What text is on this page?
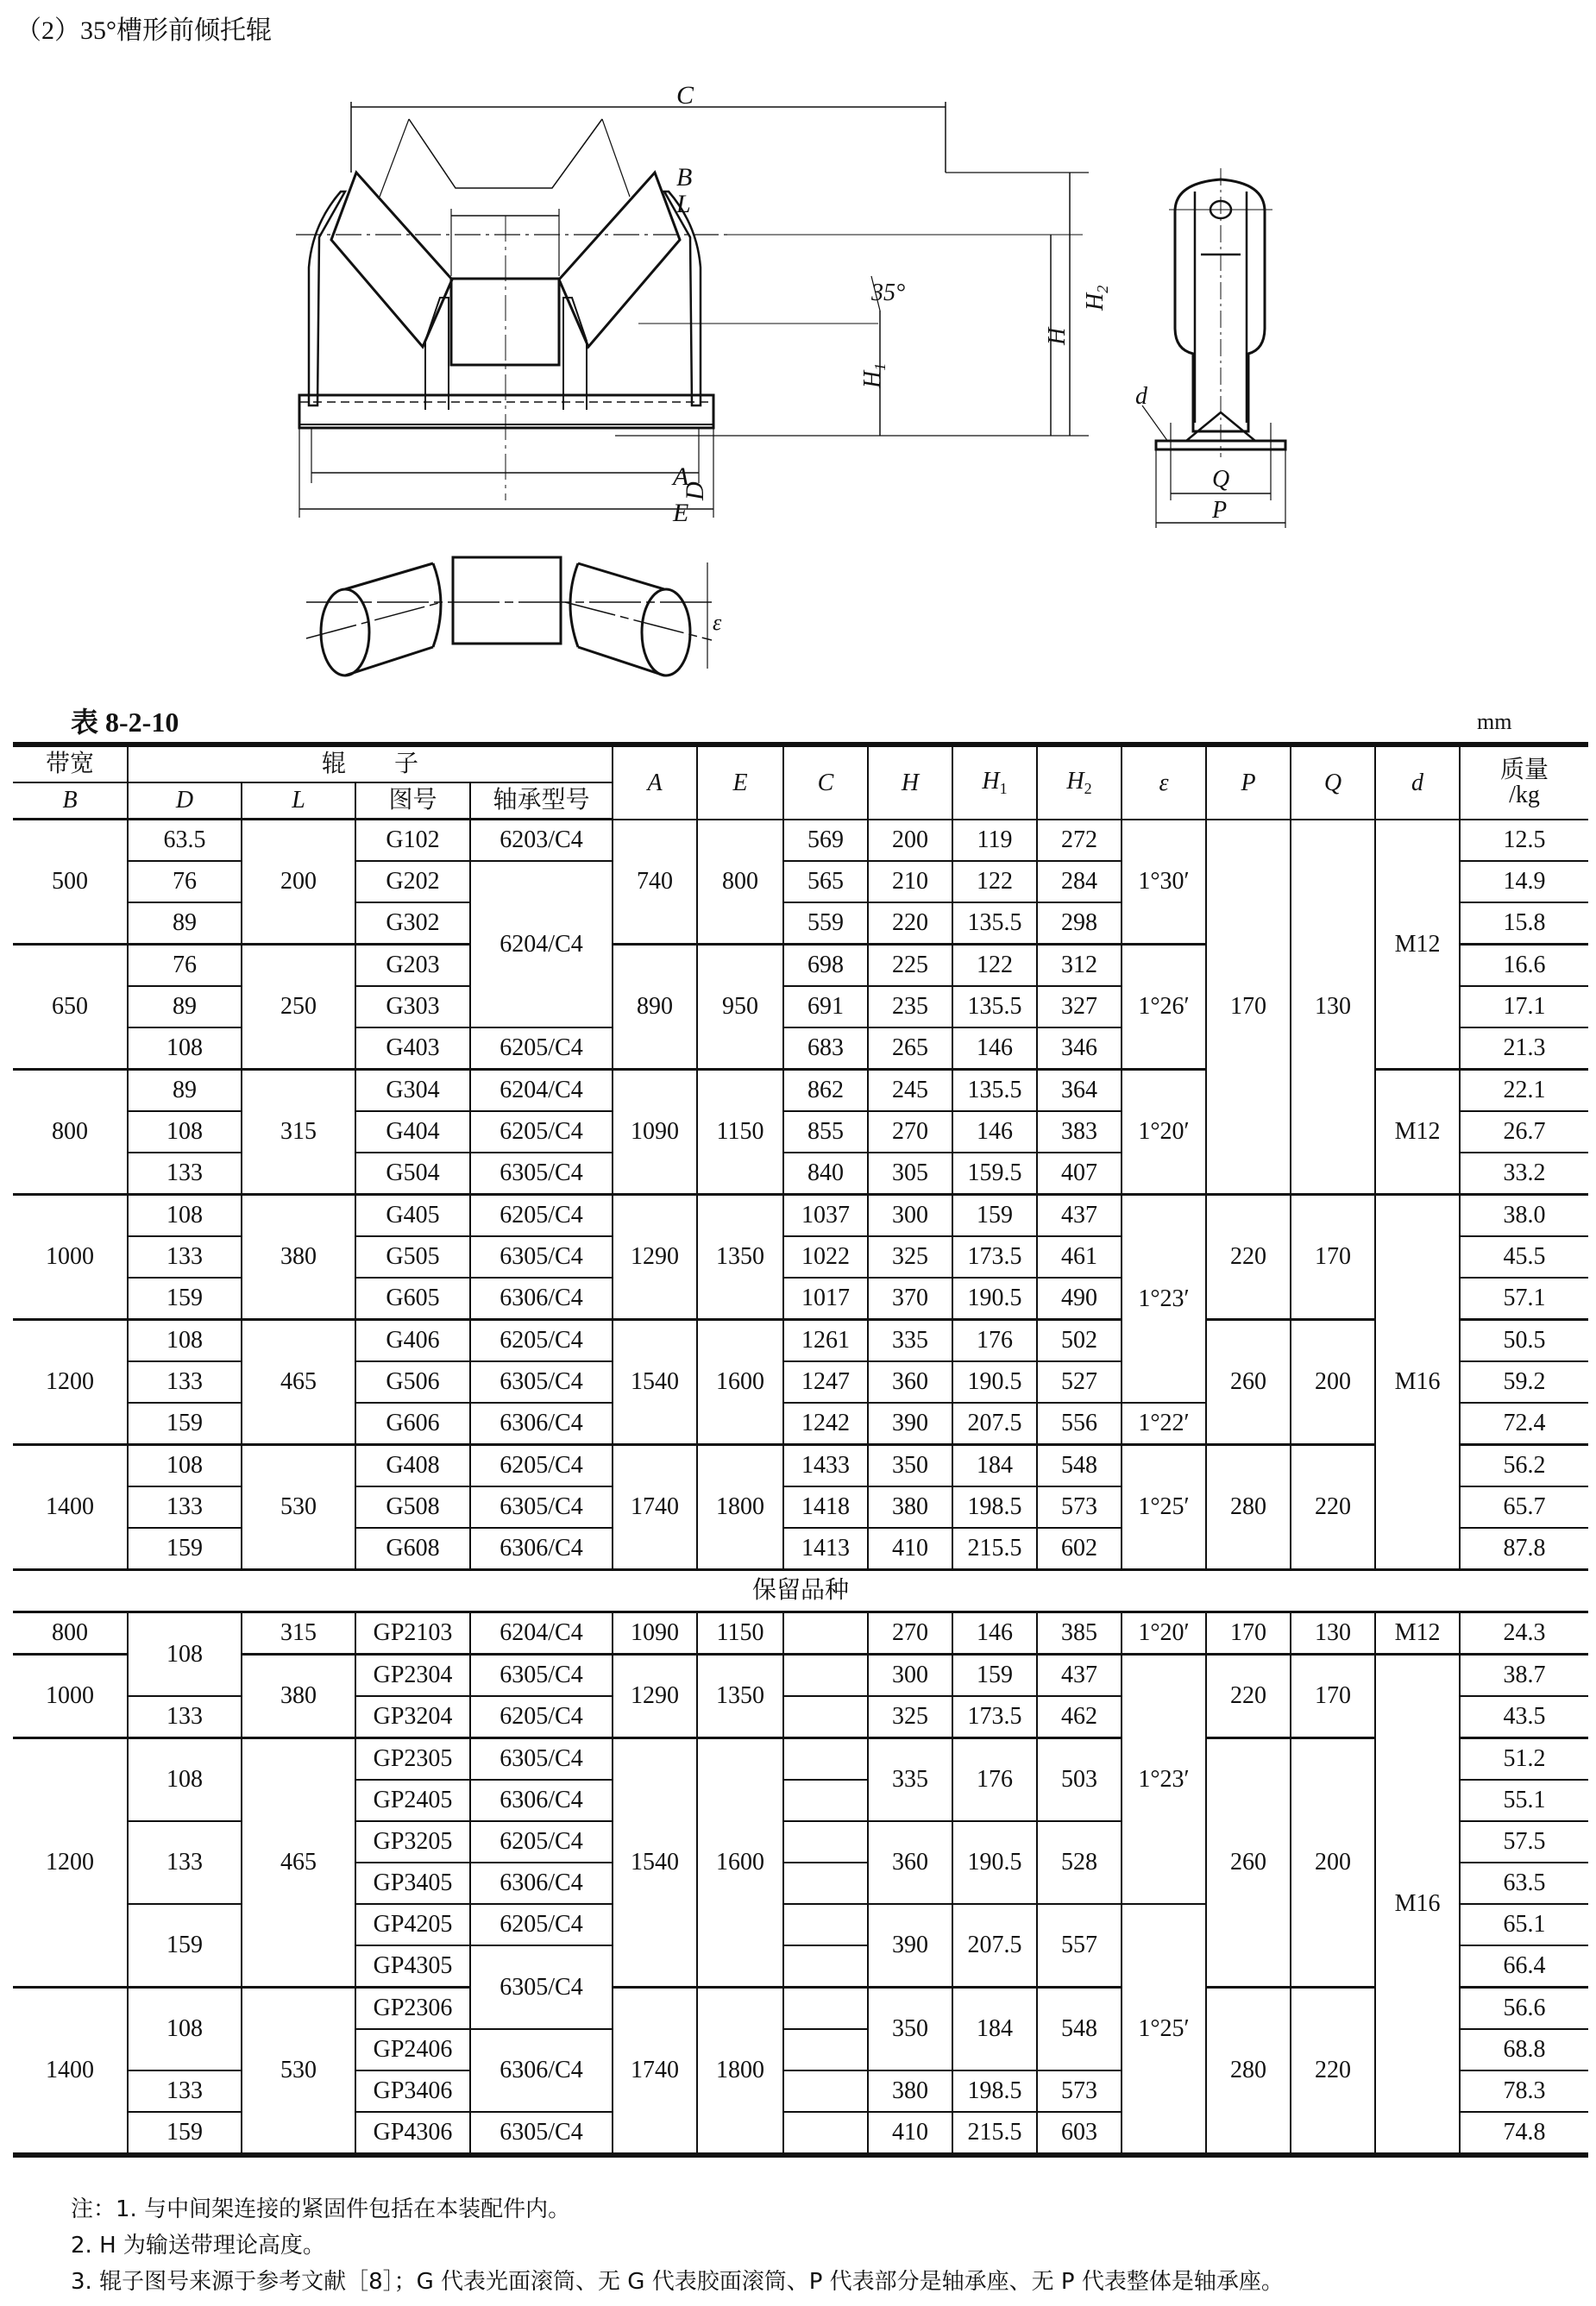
（2）35°槽形前倾托辊
C
B
L
D
35°
A
E
H
$H_2$
$H_1$
d
Q
P
ε
表 8-2-10	mm
带宽	辊　　子				A	E	C	H	$H_1$	$H_2$	ε	P	Q	d	质量
/kg

B	D	L	图号	轴承型号											
500	63.5	200	G102	6203/C4	740	800	569	200	119	272	1°30′	170	130	M12	12.5
	76		G202	6204/C4			565	210	122	284					14.9
	89		G302				559	220	135.5	298					15.8
650	76	250	G203		890	950	698	225	122	312	1°26′				16.6
	89		G303				691	235	135.5	327					17.1
	108		G403	6205/C4			683	265	146	346					21.3
800	89	315	G304	6204/C4	1090	1150	862	245	135.5	364	1°20′			M12	22.1
	108		G404	6205/C4			855	270	146	383					26.7
	133		G504	6305/C4			840	305	159.5	407					33.2
1000	108	380	G405	6205/C4	1290	1350	1037	300	159	437	1°23′	220	170	M16	38.0
	133		G505	6305/C4			1022	325	173.5	461					45.5
	159		G605	6306/C4			1017	370	190.5	490					57.1
1200	108	465	G406	6205/C4	1540	1600	1261	335	176	502		260	200		50.5
	133		G506	6305/C4			1247	360	190.5	527					59.2
	159		G606	6306/C4			1242	390	207.5	556	1°22′				72.4
1400	108	530	G408	6205/C4	1740	1800	1433	350	184	548	1°25′	280	220		56.2
	133		G508	6305/C4			1418	380	198.5	573					65.7
	159		G608	6306/C4			1413	410	215.5	602					87.8
保留品种															
800	108	315	GP2103	6204/C4	1090	1150		270	146	385	1°20′	170	130	M12	24.3
1000		380	GP2304	6305/C4	1290	1350		300	159	437	1°23′	220	170	M16	38.7
	133		GP3204	6205/C4				325	173.5	462					43.5
1200	108	465	GP2305	6305/C4	1540	1600		335	176	503		260	200		51.2
			GP2405	6306/C4											55.1
	133		GP3205	6205/C4				360	190.5	528					57.5
			GP3405	6306/C4											63.5
	159		GP4205	6205/C4				390	207.5	557	1°25′				65.1
			GP4305	6305/C4											66.4
1400	108	530	GP2306		1740	1800		350	184	548		280	220		56.6
			GP2406	6306/C4											68.8
	133		GP3406					380	198.5	573					78.3
	159		GP4306	6305/C4				410	215.5	603					74.8
注：1. 与中间架连接的紧固件包括在本装配件内。
2. H 为输送带理论高度。
3. 辊子图号来源于参考文献［8］；G 代表光面滚筒、无 G 代表胶面滚筒、P 代表部分是轴承座、无 P 代表整体是轴承座。
